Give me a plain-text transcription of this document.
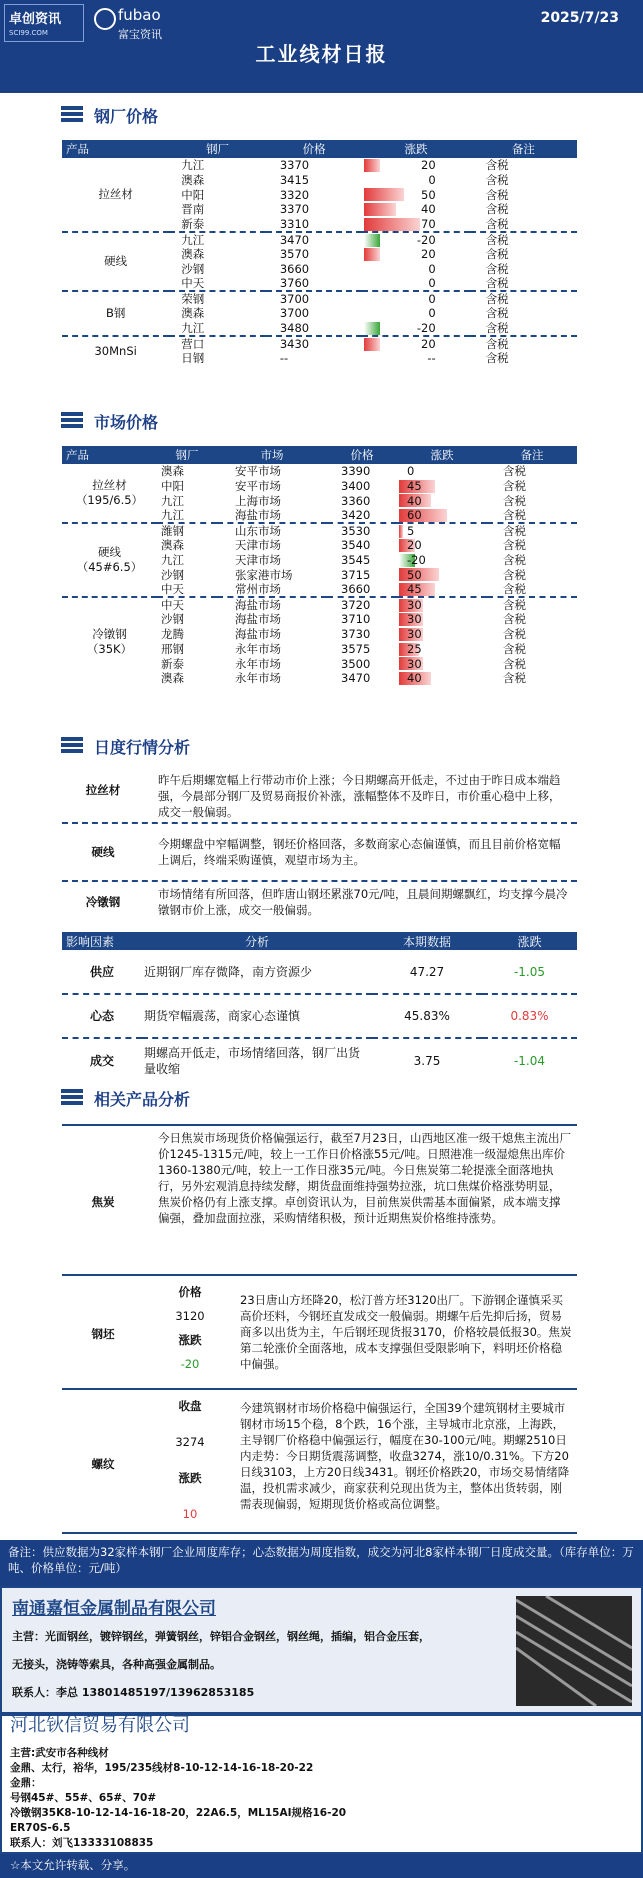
卓创资讯
SCI99.COM
fubao
富宝资讯
2025/7/23
工业线材日报
钢厂价格
产品	钢厂	价格	涨跌	备注
拉丝材	九江	3370	20	含税
	澳森	3415	0	含税
	中阳	3320	50	含税
	晋南	3370	40	含税
	新泰	3310	70	含税
硬线	九江	3470	-20	含税
	澳森	3570	20	含税
	沙钢	3660	0	含税
	中天	3760	0	含税
B钢	荣钢	3700	0	含税
	澳森	3700	0	含税
	九江	3480	-20	含税
30MnSi	营口	3430	20	含税
	日钢	--	--	含税
市场价格
产品	钢厂	市场	价格	涨跌	备注
拉丝材
（195/6.5）	澳森	安平市场	3390	0	含税
	中阳	安平市场	3400	45	含税
	九江	上海市场	3360	40	含税
	九江	海盐市场	3420	60	含税
硬线
（45#6.5）	潍钢	山东市场	3530	5	含税
	澳森	天津市场	3540	20	含税
	九江	天津市场	3545	-20	含税
	沙钢	张家港市场	3715	50	含税
	中天	常州市场	3660	45	含税
冷镦钢
（35K）	中天	海盐市场	3720	30	含税
	沙钢	海盐市场	3710	30	含税
	龙腾	海盐市场	3730	30	含税
	邢钢	永年市场	3575	25	含税
	新泰	永年市场	3500	30	含税
	澳森	永年市场	3470	40	含税
日度行情分析
拉丝材
昨午后期螺宽幅上行带动市价上涨；今日期螺高开低走，不过由于昨日成本端趋强，今晨部分钢厂及贸易商报价补涨，涨幅整体不及昨日，市价重心稳中上移，成交一般偏弱。
硬线
今期螺盘中窄幅调整，钢坯价格回落，多数商家心态偏谨慎，而且目前价格宽幅上调后，终端采购谨慎，观望市场为主。
冷镦钢
市场情绪有所回落，但昨唐山钢坯累涨70元/吨，且晨间期螺飘红，均支撑今晨冷镦钢市价上涨，成交一般偏弱。
影响因素	分析	本期数据	涨跌
供应	近期钢厂库存微降，南方资源少	47.27	-1.05
心态	期货窄幅震荡，商家心态谨慎	45.83%	0.83%
成交	期螺高开低走，市场情绪回落，钢厂出货量收缩	3.75	-1.04
相关产品分析
焦炭
今日焦炭市场现货价格偏强运行，截至7月23日，山西地区准一级干熄焦主流出厂价1245-1315元/吨，较上一工作日价格涨55元/吨。日照港准一级湿熄焦出库价1360-1380元/吨，较上一工作日涨35元/吨。今日焦炭第二轮提涨全面落地执行，另外宏观消息持续发酵，期货盘面维持强势拉涨，坑口焦煤价格涨势明显，焦炭价格仍有上涨支撑。卓创资讯认为，目前焦炭供需基本面偏紧，成本端支撑偏强，叠加盘面拉涨，采购情绪积极，预计近期焦炭价格维持涨势。
钢坯
价格
3120
涨跌
-20
23日唐山方坯降20，松汀普方坯3120出厂。下游钢企谨慎采买高价坯料，今钢坯直发成交一般偏弱。期螺午后先抑后扬，贸易商多以出货为主，午后钢坯现货报3170，价格较晨低报30。焦炭第二轮涨价全面落地，成本支撑强但受限影响下，料明坯价格稳中偏强。
螺纹
收盘
3274
涨跌
10
今建筑钢材市场价格稳中偏强运行，全国39个建筑钢材主要城市钢材市场15个稳，8个跌，16个涨，主导城市北京涨，上海跌，主导钢厂价格稳中偏强运行，幅度在30-100元/吨。期螺2510日内走势：今日期货震荡调整，收盘3274，涨10/0.31%。下方20日线3103，上方20日线3431。钢坯价格跌20，市场交易情绪降温，投机需求减少，商家获利兑现出货为主，整体出货转弱，刚需表现偏弱，短期现货价格或高位调整。
备注：供应数据为32家样本钢厂企业周度库存；心态数据为周度指数，成交为河北8家样本钢厂日度成交量。（库存单位：万吨、价格单位：元/吨）
南通嘉恒金属制品有限公司
主营：光面钢丝，镀锌钢丝，弹簧钢丝，锌铝合金钢丝，钢丝绳，插编，铝合金压套，
无接头，浇铸等索具，各种高强金属制品。
联系人：李总 13801485197/13962853185
河北钬信贸易有限公司
主营:武安市各种线材
金鼎、太行，裕华，195/235线材8-10-12-14-16-18-20-22
金鼎：
号钢45#、55#、65#、70#
冷镦钢35K8-10-12-14-16-18-20，22A6.5，ML15AI规格16-20
ER70S-6.5
联系人：刘飞13333108835
☆本文允许转载、分享。
